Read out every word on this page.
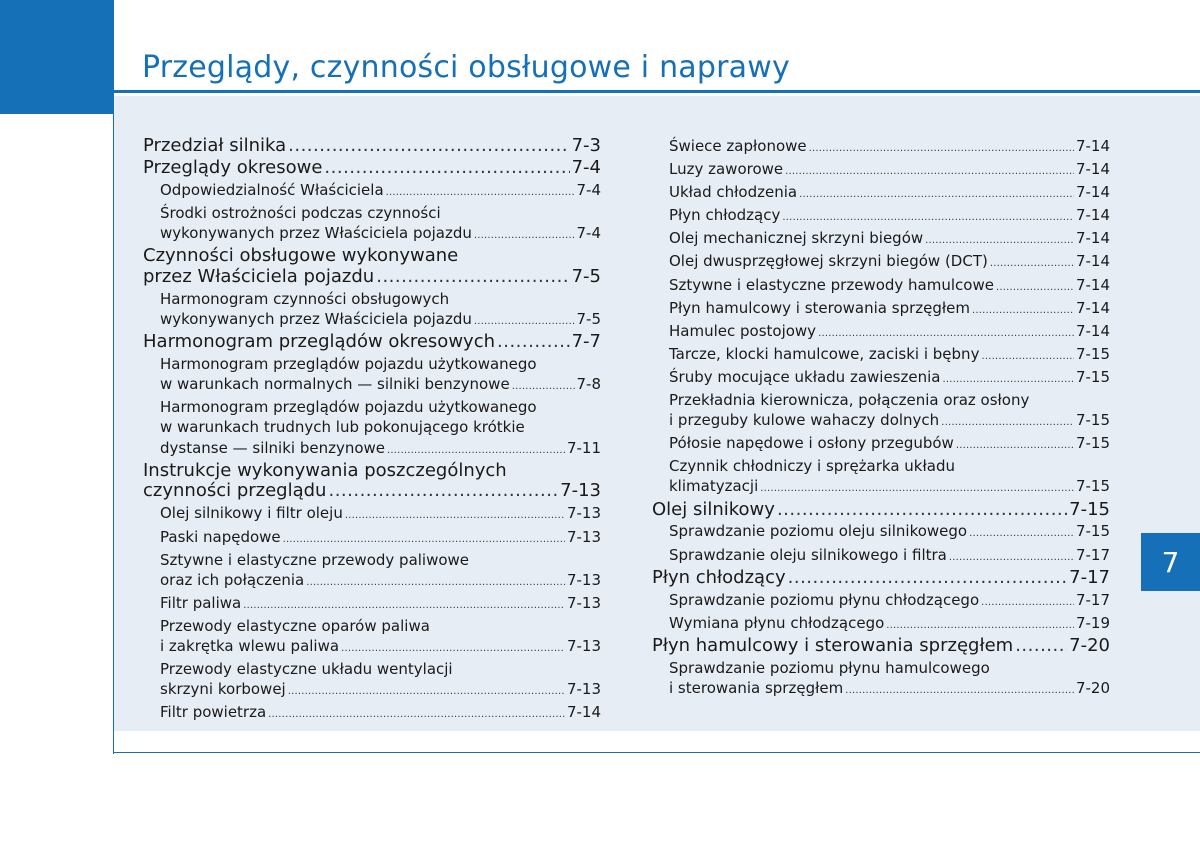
Przeglądy, czynności obsługowe i naprawy
7
Przedział silnika .....	7-3
Przeglądy okresowe .....	7-4
Odpowiedzialność Właściciela .....	7-4
Środki ostrożności podczas czynności
wykonywanych przez Właściciela pojazdu .....	7-4
Czynności obsługowe wykonywane
przez Właściciela pojazdu .....	7-5
Harmonogram czynności obsługowych
wykonywanych przez Właściciela pojazdu .....	7-5
Harmonogram przeglądów okresowych .....	7-7
Harmonogram przeglądów pojazdu użytkowanego
w warunkach normalnych — silniki benzynowe .....	7-8
Harmonogram przeglądów pojazdu użytkowanego
w warunkach trudnych lub pokonującego krótkie
dystanse — silniki benzynowe .....	7-11
Instrukcje wykonywania poszczególnych
czynności przeglądu .....	7-13
Olej silnikowy i filtr oleju .....	7-13
Paski napędowe .....	7-13
Sztywne i elastyczne przewody paliwowe
oraz ich połączenia .....	7-13
Filtr paliwa .....	7-13
Przewody elastyczne oparów paliwa
i zakrętka wlewu paliwa .....	7-13
Przewody elastyczne układu wentylacji
skrzyni korbowej .....	7-13
Filtr powietrza .....	7-14
Świece zapłonowe .....	7-14
Luzy zaworowe .....	7-14
Układ chłodzenia .....	7-14
Płyn chłodzący .....	7-14
Olej mechanicznej skrzyni biegów .....	7-14
Olej dwusprzęgłowej skrzyni biegów (DCT) .....	7-14
Sztywne i elastyczne przewody hamulcowe .....	7-14
Płyn hamulcowy i sterowania sprzęgłem .....	7-14
Hamulec postojowy .....	7-14
Tarcze, klocki hamulcowe, zaciski i bębny .....	7-15
Śruby mocujące układu zawieszenia .....	7-15
Przekładnia kierownicza, połączenia oraz osłony
i przeguby kulowe wahaczy dolnych .....	7-15
Półosie napędowe i osłony przegubów .....	7-15
Czynnik chłodniczy i sprężarka układu
klimatyzacji .....	7-15
Olej silnikowy .....	7-15
Sprawdzanie poziomu oleju silnikowego .....	7-15
Sprawdzanie oleju silnikowego i filtra .....	7-17
Płyn chłodzący .....	7-17
Sprawdzanie poziomu płynu chłodzącego .....	7-17
Wymiana płynu chłodzącego .....	7-19
Płyn hamulcowy i sterowania sprzęgłem .....	7-20
Sprawdzanie poziomu płynu hamulcowego
i sterowania sprzęgłem .....	7-20
